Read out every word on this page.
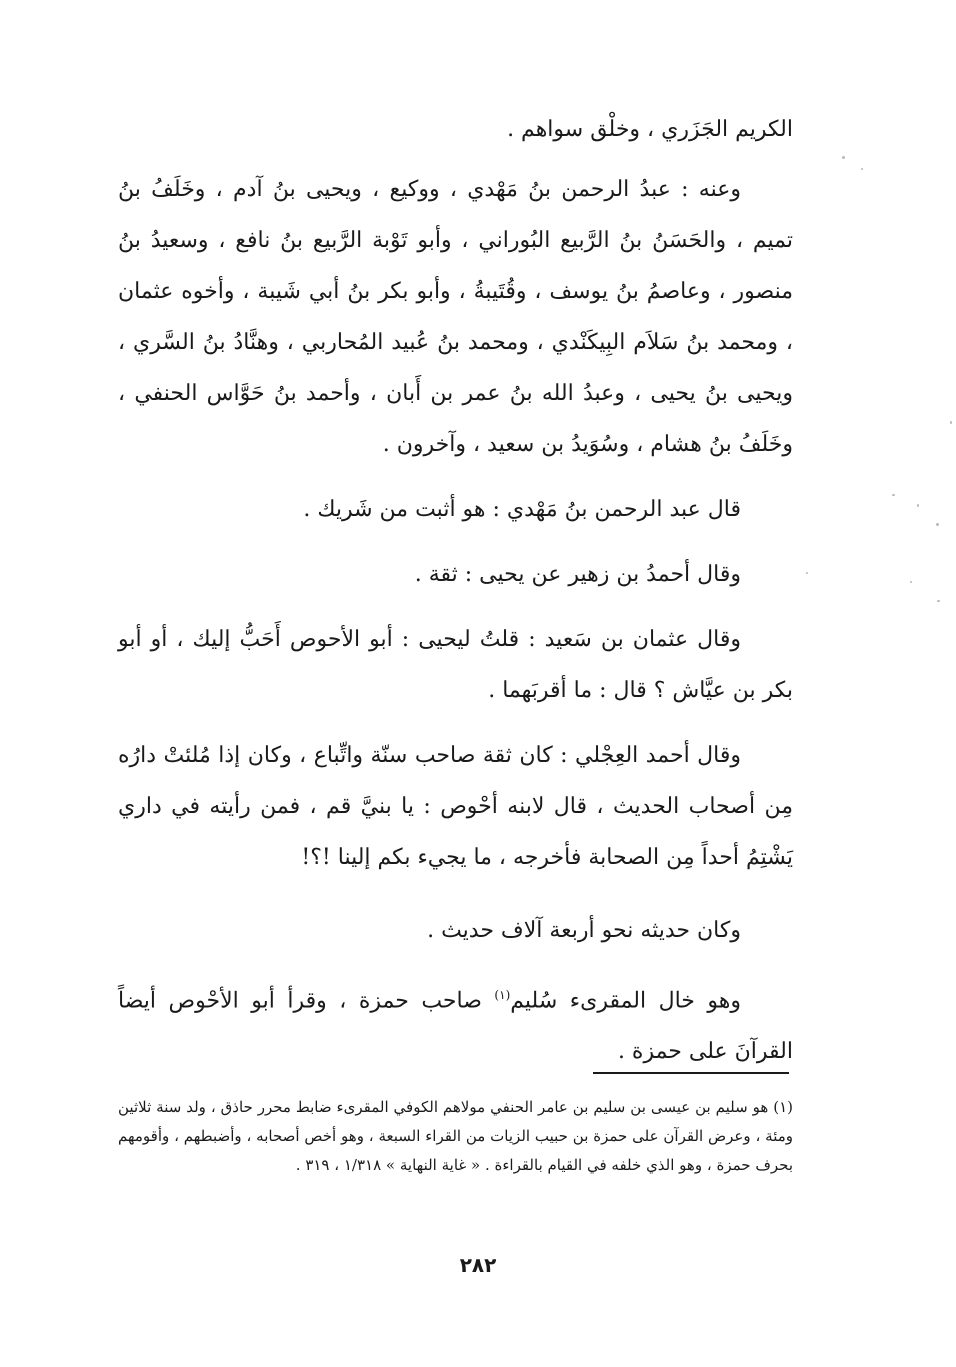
الكريم الجَزَري ، وخلْق سواهم .

وعنه : عبدُ الرحمن بنُ مَهْدي ، ووكيع ، ويحيى بنُ آدم ، وخَلَفُ بنُ تميم ، والحَسَنُ بنُ الرَّبيع البُوراني ، وأبو تَوْبة الرَّبيع بنُ نافع ، وسعيدُ بنُ منصور ، وعاصمُ بنُ يوسف ، وقُتَيبةُ ، وأبو بكر بنُ أبي شَيبة ، وأخوه عثمان ، ومحمد بنُ سَلاَم البِيكَنْدي ، ومحمد بنُ عُبيد المُحاربي ، وهنَّادُ بنُ السَّري ، ويحيى بنُ يحيى ، وعبدُ الله بنُ عمر بن أَبان ، وأحمد بنُ حَوَّاس الحنفي ، وخَلَفُ بنُ هشام ، وسُوَيدُ بن سعيد ، وآخرون .

قال عبد الرحمن بنُ مَهْدي : هو أثبت من شَريك .

وقال أحمدُ بن زهير عن يحيى : ثقة .

وقال عثمان بن سَعيد : قلتُ ليحيى : أبو الأحوص أَحَبُّ إليك ، أو أبو بكر بن عيَّاش ؟ قال : ما أقربَهما .

وقال أحمد العِجْلي : كان ثقة صاحب سنّة واتِّباع ، وكان إذا مُلئتْ دارُه مِن أصحاب الحديث ، قال لابنه أحْوص : يا بنيَّ قم ، فمن رأيته في داري يَشْتِمُ أحداً مِن الصحابة فأخرجه ، ما يجيء بكم إلينا !؟!

وكان حديثه نحو أربعة آلاف حديث .

وهو خال المقرىء سُليم$^{(١)}$ صاحب حمزة ، وقرأ أبو الأحْوص أيضاً القرآنَ على حمزة .

(١) هو سليم بن عيسى بن سليم بن عامر الحنفي مولاهم الكوفي المقرىء ضابط محرر حاذق ، ولد سنة ثلاثين ومئة ، وعرض القرآن على حمزة بن حبيب الزيات من القراء السبعة ، وهو أخص أصحابه ، وأضبطهم ، وأقومهم بحرف حمزة ، وهو الذي خلفه في القيام بالقراءة . « غاية النهاية » ١/٣١٨ ، ٣١٩ .

٢٨٢
